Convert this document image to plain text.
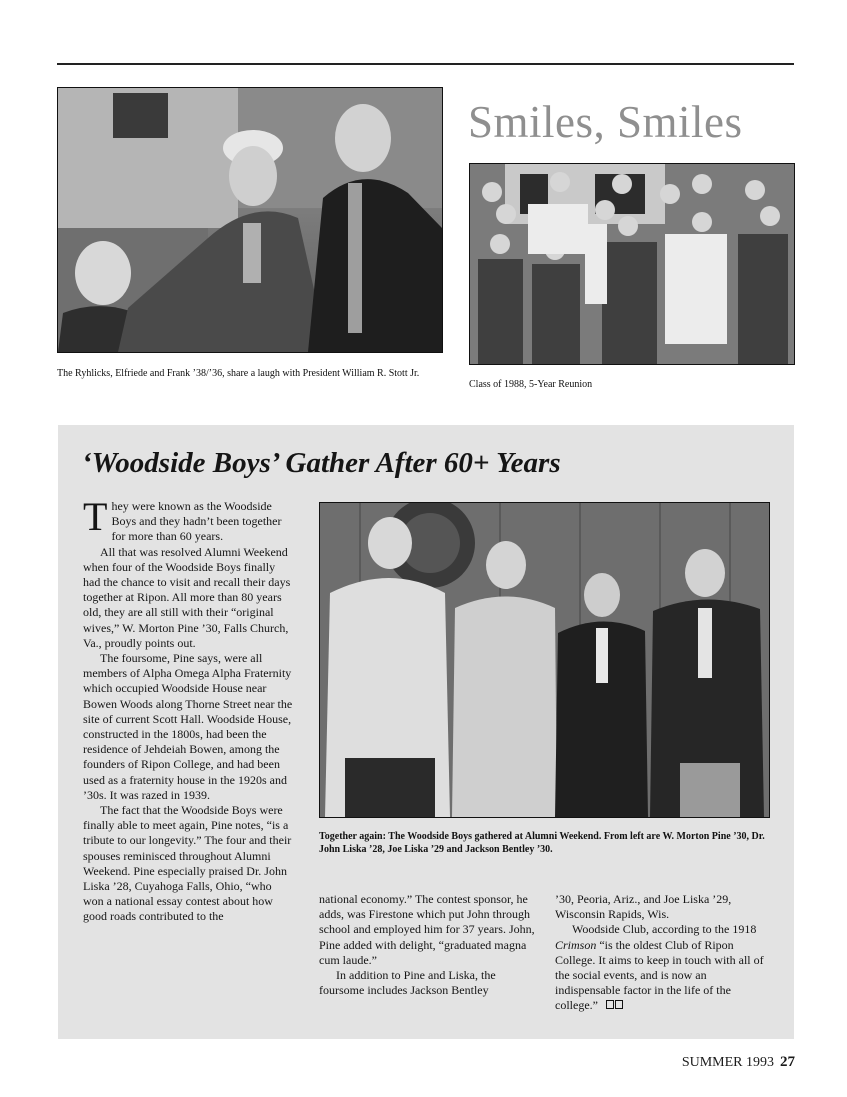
The Ryhlicks, Elfriede and Frank ’38/’36, share a laugh with President William R. Stott Jr.
Smiles, Smiles
Class of 1988, 5-Year Reunion
‘Woodside Boys’ Gather After 60+ Years
Together again: The Woodside Boys gathered at Alumni Weekend. From left are W. Morton Pine ’30, Dr. John Liska ’28, Joe Liska ’29 and Jackson Bentley ’30.

They were known as the Woodside Boys and they hadn’t been together for more than 60 years.

All that was resolved Alumni Weekend when four of the Woodside Boys finally had the chance to visit and recall their days together at Ripon. All more than 80 years old, they are all still with their “original wives,” W. Morton Pine ’30, Falls Church, Va., proudly points out.

The foursome, Pine says, were all members of Alpha Omega Alpha Fraternity which occupied Woodside House near Bowen Woods along Thorne Street near the site of current Scott Hall. Woodside House, constructed in the 1800s, had been the residence of Jehdeiah Bowen, among the founders of Ripon College, and had been used as a fraternity house in the 1920s and ’30s. It was razed in 1939.

The fact that the Woodside Boys were finally able to meet again, Pine notes, “is a tribute to our longevity.” The four and their spouses reminisced throughout Alumni Weekend. Pine especially praised Dr. John Liska ’28, Cuyahoga Falls, Ohio, “who won a national essay contest about how good roads contributed to the

national economy.” The contest sponsor, he adds, was Firestone which put John through school and employed him for 37 years. John, Pine added with delight, “graduated magna cum laude.”

In addition to Pine and Liska, the foursome includes Jackson Bentley

’30, Peoria, Ariz., and Joe Liska ’29, Wisconsin Rapids, Wis.

Woodside Club, according to the 1918 Crimson “is the oldest Club of Ripon College. It aims to keep in touch with all of the social events, and is now an indispensable factor in the life of the college.”

SUMMER 1993 27
